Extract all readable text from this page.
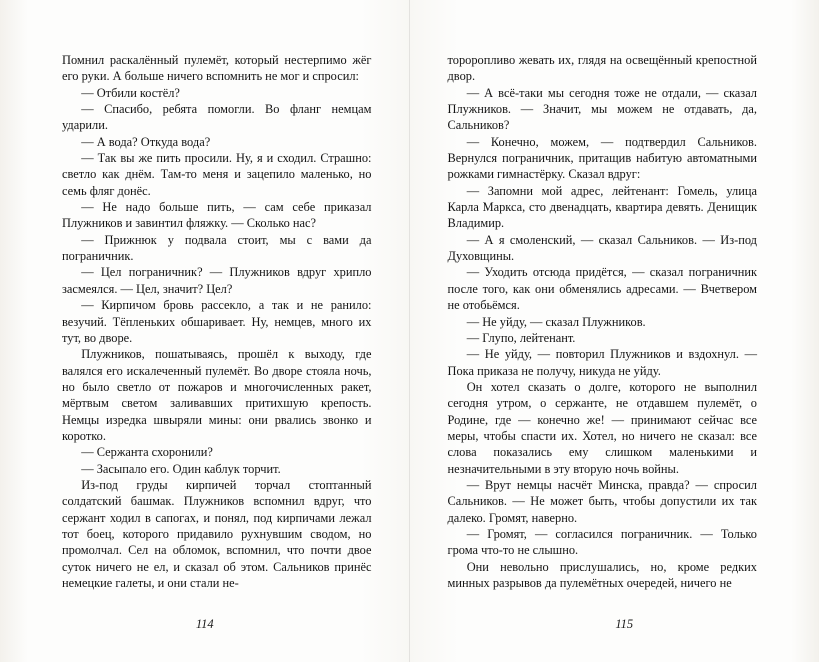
Помнил раскалённый пулемёт, который нестерпимо жёг его руки. А больше ничего вспомнить не мог и спросил:

— Отбили костёл?

— Спасибо, ребята помогли. Во фланг немцам ударили.

— А вода? Откуда вода?

— Так вы же пить просили. Ну, я и сходил. Страшно: светло как днём. Там-то меня и зацепило маленько, но семь фляг донёс.

— Не надо больше пить, — сам себе приказал Плужников и завинтил фляжку. — Сколько нас?

— Прижнюк у подвала стоит, мы с вами да пограничник.

— Цел пограничник? — Плужников вдруг хрипло засмеялся. — Цел, значит? Цел?

— Кирпичом бровь рассекло, а так и не ранило: везучий. Тёпленьких обшаривает. Ну, немцев, много их тут, во дворе.

Плужников, пошатываясь, прошёл к выходу, где валялся его искалеченный пулемёт. Во дворе стояла ночь, но было светло от пожаров и многочисленных ракет, мёртвым светом заливавших притихшую крепость. Немцы изредка швыряли мины: они рвались звонко и коротко.

— Сержанта схоронили?

— Засыпало его. Один каблук торчит.

Из-под груды кирпичей торчал стоптанный солдатский башмак. Плужников вспомнил вдруг, что сержант ходил в сапогах, и понял, под кирпичами лежал тот боец, которого придавило рухнувшим сводом, но промолчал. Сел на обломок, вспомнил, что почти двое суток ничего не ел, и сказал об этом. Сальников принёс немецкие галеты, и они стали не-

114

тороропливо жевать их, глядя на освещённый крепостной двор.

— А всё-таки мы сегодня тоже не отдали, — сказал Плужников. — Значит, мы можем не отдавать, да, Сальников?

— Конечно, можем, — подтвердил Сальников. Вернулся пограничник, притащив набитую автоматными рожками гимнастёрку. Сказал вдруг:

— Запомни мой адрес, лейтенант: Гомель, улица Карла Маркса, сто двенадцать, квартира девять. Денищик Владимир.

— А я смоленский, — сказал Сальников. — Из-под Духовщины.

— Уходить отсюда придётся, — сказал пограничник после того, как они обменялись адресами. — Вчетвером не отобьёмся.

— Не уйду, — сказал Плужников.

— Глупо, лейтенант.

— Не уйду, — повторил Плужников и вздохнул. — Пока приказа не получу, никуда не уйду.

Он хотел сказать о долге, которого не выполнил сегодня утром, о сержанте, не отдавшем пулемёт, о Родине, где — конечно же! — принимают сейчас все меры, чтобы спасти их. Хотел, но ничего не сказал: все слова показались ему слишком маленькими и незначительными в эту вторую ночь войны.

— Врут немцы насчёт Минска, правда? — спросил Сальников. — Не может быть, чтобы допустили их так далеко. Громят, наверно.

— Громят, — согласился пограничник. — Только грома что-то не слышно.

Они невольно прислушались, но, кроме редких минных разрывов да пулемётных очередей, ничего не

115
